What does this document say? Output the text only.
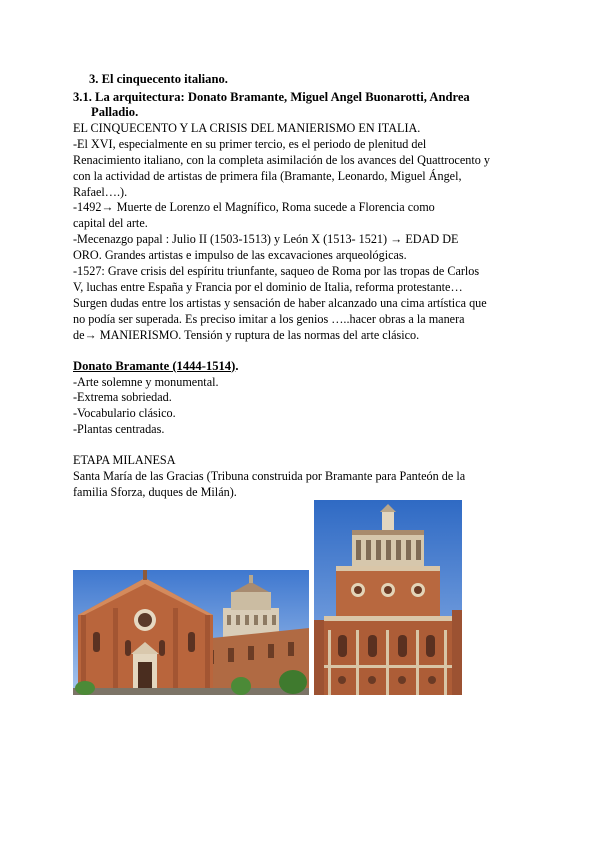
3. El cinquecento italiano.

3.1. La arquitectura: Donato Bramante, Miguel Angel Buonarotti, Andrea
Palladio.

EL CINQUECENTO Y LA CRISIS DEL MANIERISMO EN ITALIA.

-El XVI, especialmente en su primer tercio, es el periodo de plenitud del

Renacimiento italiano, con la completa asimilación de los avances del Quattrocento y

con la actividad de artistas de primera fila (Bramante, Leonardo, Miguel Ángel,

Rafael….).

-1492→ Muerte de Lorenzo el Magnífico, Roma sucede a Florencia como

capital del arte.

-Mecenazgo papal : Julio II (1503-1513) y León X (1513- 1521) → EDAD DE

ORO. Grandes artistas e impulso de las excavaciones arqueológicas.

-1527: Grave crisis del espíritu triunfante, saqueo de Roma por las tropas de Carlos

V, luchas entre España y Francia por el dominio de Italia, reforma protestante…

Surgen dudas entre los artistas y sensación de haber alcanzado una cima artística que

no podía ser superada. Es preciso imitar a los genios …..hacer obras a la manera

de→ MANIERISMO. Tensión y ruptura de las normas del arte clásico.

Donato Bramante (1444-1514).

-Arte solemne y monumental.

-Extrema sobriedad.

-Vocabulario clásico.

-Plantas centradas.

ETAPA MILANESA

Santa María de las Gracias (Tribuna construida por Bramante para Panteón de la

familia Sforza, duques de Milán).
